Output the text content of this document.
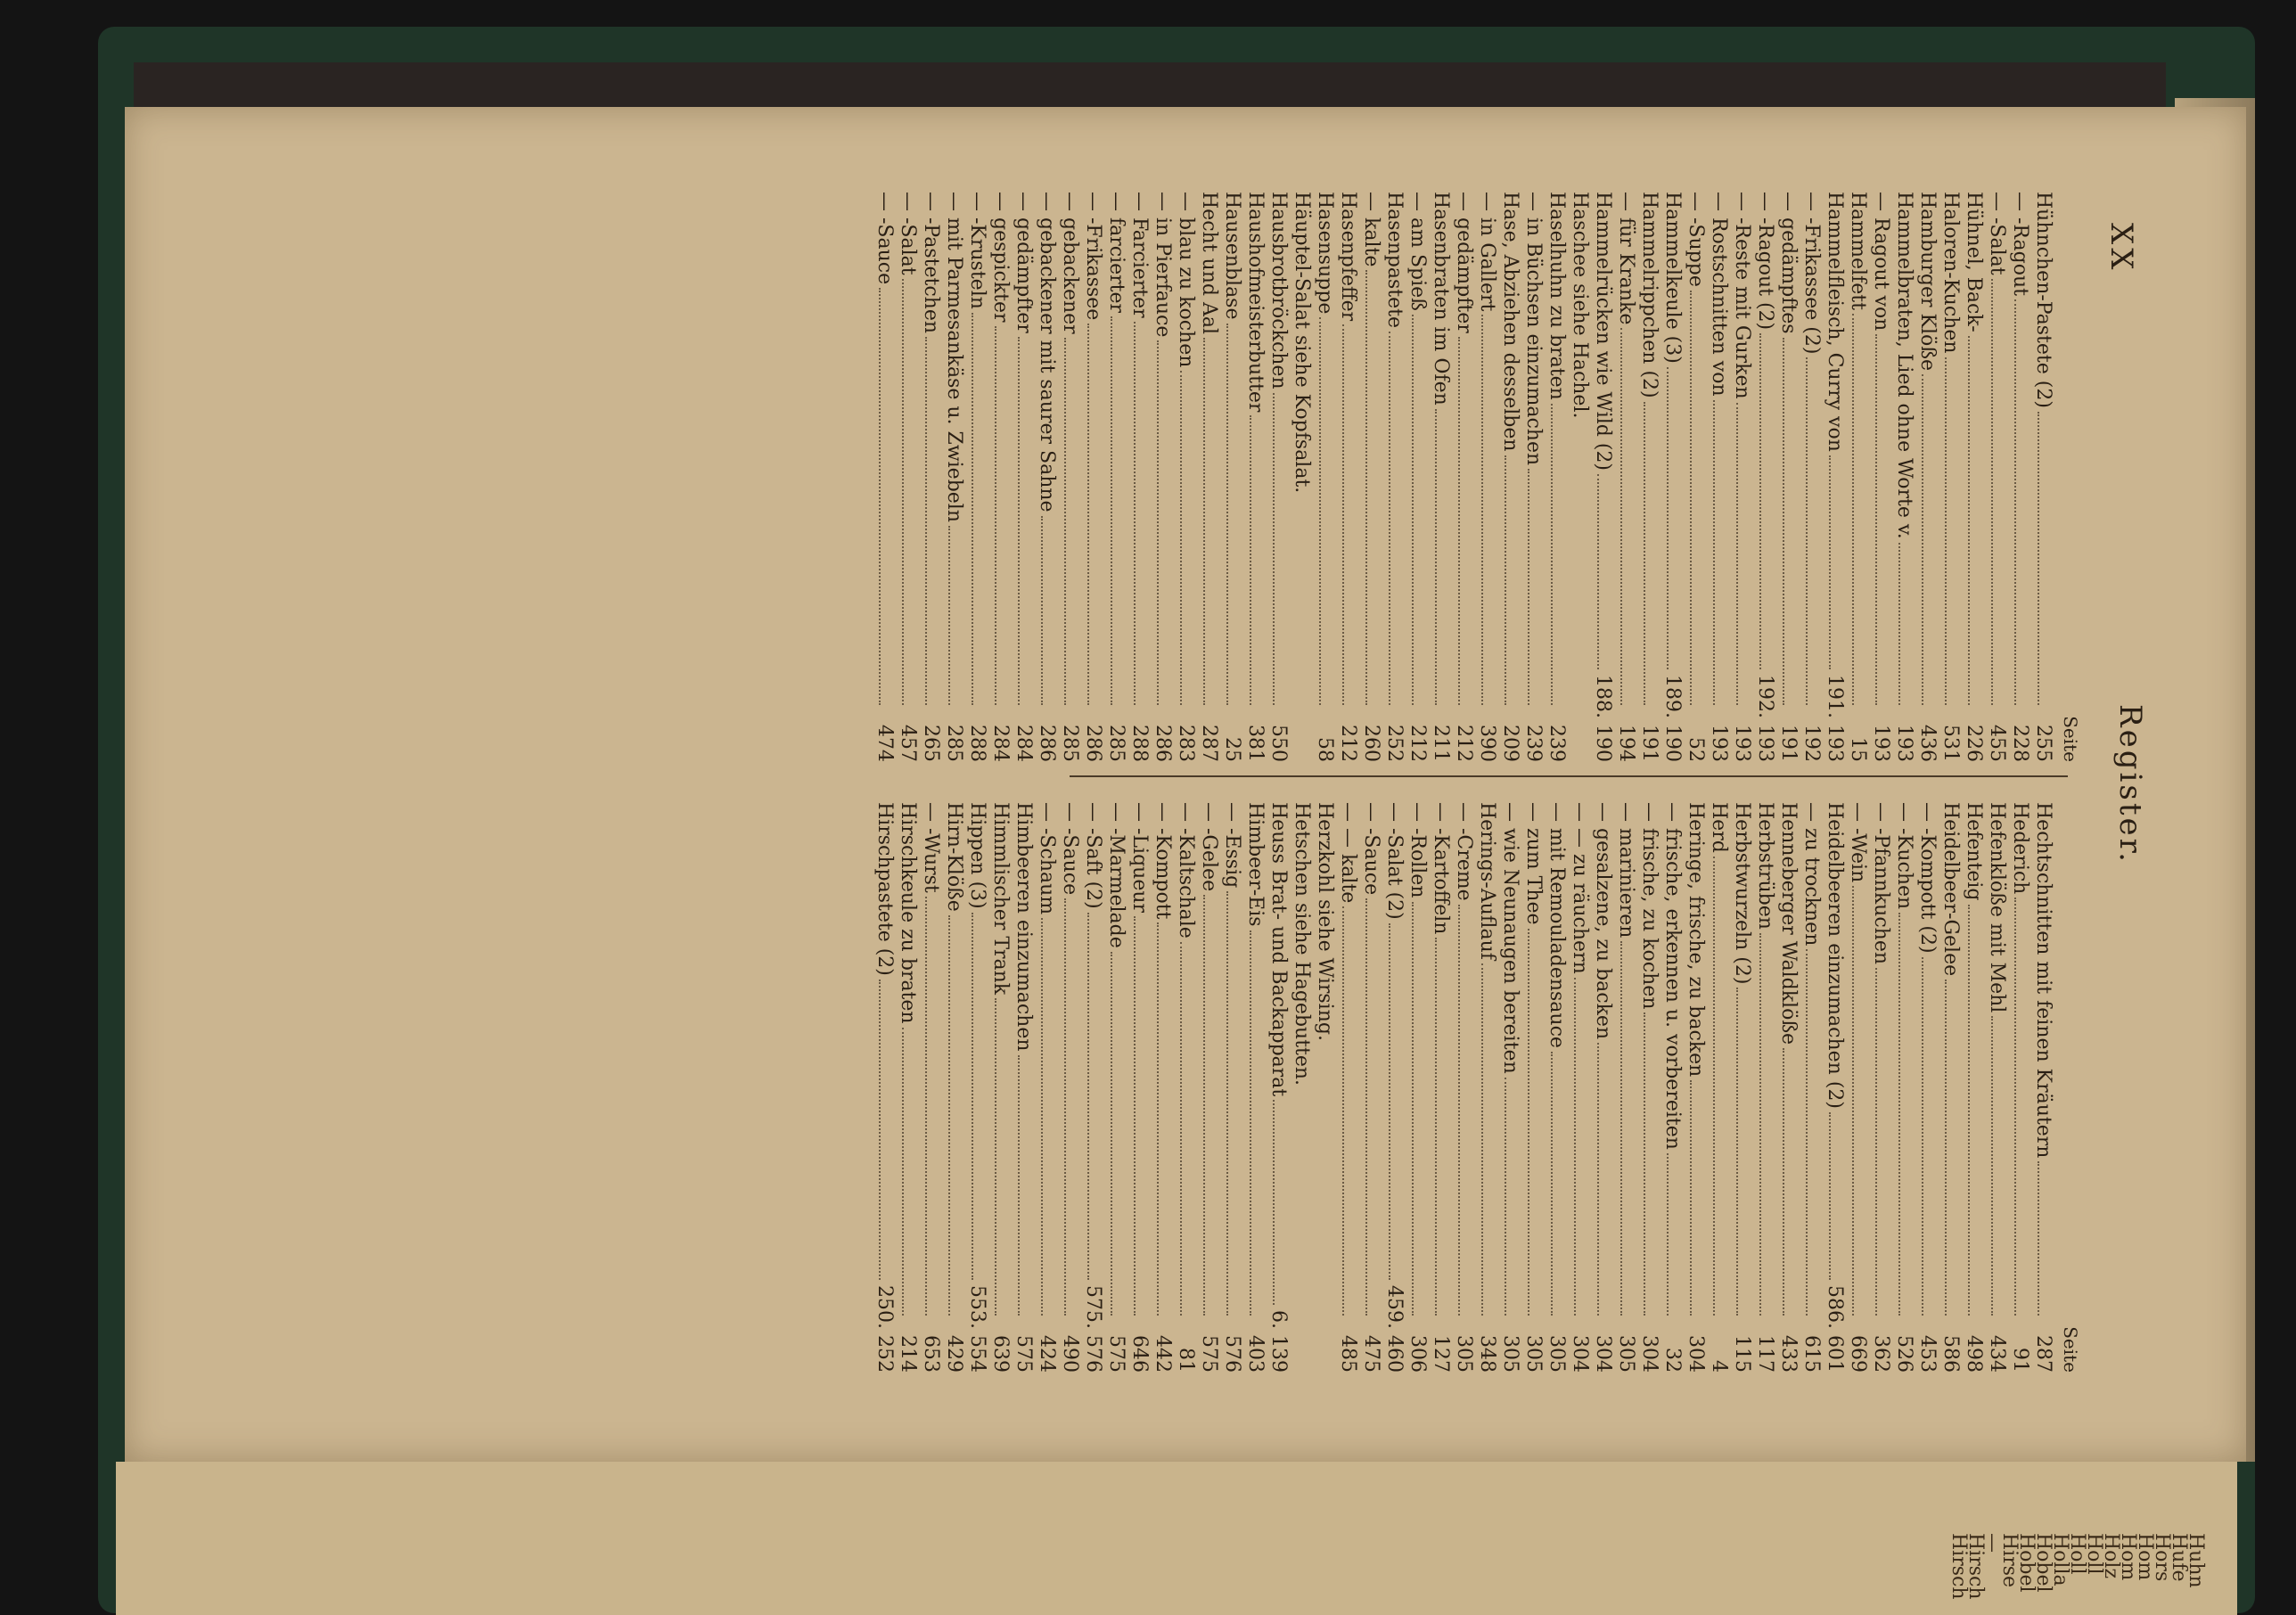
XX
Register.
Seite
Hühnchen-Pastete (2)
255
— -Ragout
228
— -Salat
455
Hühnel, Back-
226
Haloren-Kuchen
531
Hamburger Klöße
436
Hammelbraten, Lied ohne Worte v.
193
— Ragout von
193
Hammelfett
15
Hammelfleisch, Curry von
191. 193
— -Frikassee (2)
192
— gedämpftes
191
— -Ragout (2)
192. 193
— -Reste mit Gurken
193
— Rostschnitten von
193
— -Suppe
52
Hammelkeule (3)
189. 190
Hammelrippchen (2)
191
— für Kranke
194
Hammelrücken wie Wild (2)
188. 190
Haschee siehe Hachel.
Haselhuhn zu braten
239
— in Büchsen einzumachen
239
Hase, Abziehen desselben
209
— in Gallert
390
— gedämpfter
212
Hasenbraten im Ofen
211
— am Spieß
212
Hasenpastete
252
— kalte
260
Hasenpfeffer
212
Hasensuppe
58
Häuptel-Salat siehe Kopfsalat.
Hausbrotbröckchen
550
Haushofmeisterbutter
381
Hausenblase
25
Hecht und Aal
287
— blau zu kochen
283
— in Pierfauce
286
— Farcierter
288
— farcierter
285
— -Frikassee
286
— gebackener
285
— gebackener mit saurer Sahne
286
— gedämpfter
284
— gespickter
284
— -Krusteln
288
— mit Parmesankäse u. Zwiebeln
285
— -Pastetchen
265
— -Salat
457
— -Sauce
474
Seite
Hechtschnitten mit feinen Kräutern
287
Hederich
91
Hefenklöße mit Mehl
434
Hefenteig
498
Heidelbeer-Gelee
586
— -Kompott (2)
453
— -Kuchen
526
— -Pfannkuchen
362
— -Wein
669
Heidelbeeren einzumachen (2)
586. 601
— zu trocknen
615
Henneberger Waldklöße
433
Herbstrüben
117
Herbstwurzeln (2)
115
Herd
4
Heringe, frische, zu backen
304
— frische, erkennen u. vorbereiten
32
— frische, zu kochen
304
— marinieren
305
— gesalzene, zu backen
304
— — zu räuchern
304
— mit Remouladensauce
305
— zum Thee
305
— wie Neunaugen bereiten
305
Herings-Auflauf
348
— -Creme
305
— -Kartoffeln
127
— -Rollen
306
— -Salat (2)
459. 460
— -Sauce
475
— — kalte
485
Herzkohl siehe Wirsing.
Hetschen siehe Hagebutten.
Heuss Brat- und Backapparat
6. 139
Himbeer-Eis
403
— -Essig
576
— -Gelee
575
— -Kaltschale
81
— -Kompott
442
— -Liqueur
646
— -Marmelade
575
— -Saft (2)
575. 576
— -Sauce
490
— -Schaum
424
Himbeeren einzumachen
575
Himmlischer Trank
639
Hippen (3)
553. 554
Hirn-Klöße
429
— -Wurst
653
Hirschkeule zu braten
214
Hirschpastete (2)
250. 252
Hirsch
Hirsch
—
Hirse
Hobel
Hobel
Holla
Holl
Holl
Holz
Hom
Hom
Hors
Hufe
Huhn
